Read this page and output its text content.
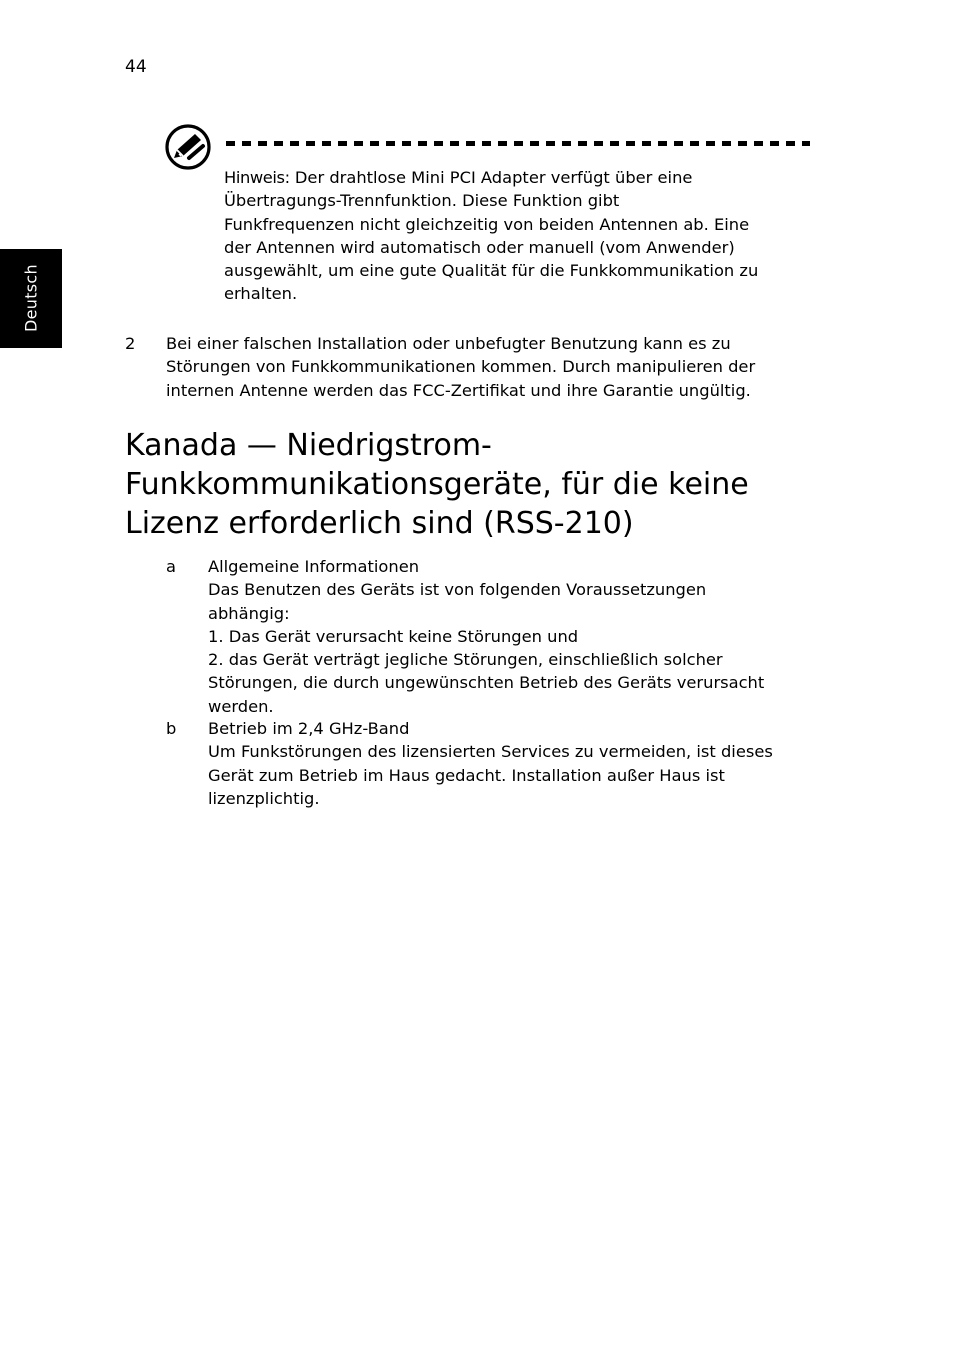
44
Deutsch
Hinweis: Der drahtlose Mini PCI Adapter verfügt über eine
Übertragungs-Trennfunktion. Diese Funktion gibt
Funkfrequenzen nicht gleichzeitig von beiden Antennen ab. Eine
der Antennen wird automatisch oder manuell (vom Anwender)
ausgewählt, um eine gute Qualität für die Funkkommunikation zu
erhalten.
2 Bei einer falschen Installation oder unbefugter Benutzung kann es zu
Störungen von Funkkommunikationen kommen. Durch manipulieren der
internen Antenne werden das FCC-Zertifikat und ihre Garantie ungültig.
Kanada — Niedrigstrom-
Funkkommunikationsgeräte, für die keine
Lizenz erforderlich sind (RSS-210)
a Allgemeine Informationen
Das Benutzen des Geräts ist von folgenden Voraussetzungen
abhängig:
1. Das Gerät verursacht keine Störungen und
2. das Gerät verträgt jegliche Störungen, einschließlich solcher
Störungen, die durch ungewünschten Betrieb des Geräts verursacht
werden.
b Betrieb im 2,4 GHz-Band
Um Funkstörungen des lizensierten Services zu vermeiden, ist dieses
Gerät zum Betrieb im Haus gedacht. Installation außer Haus ist
lizenzplichtig.
